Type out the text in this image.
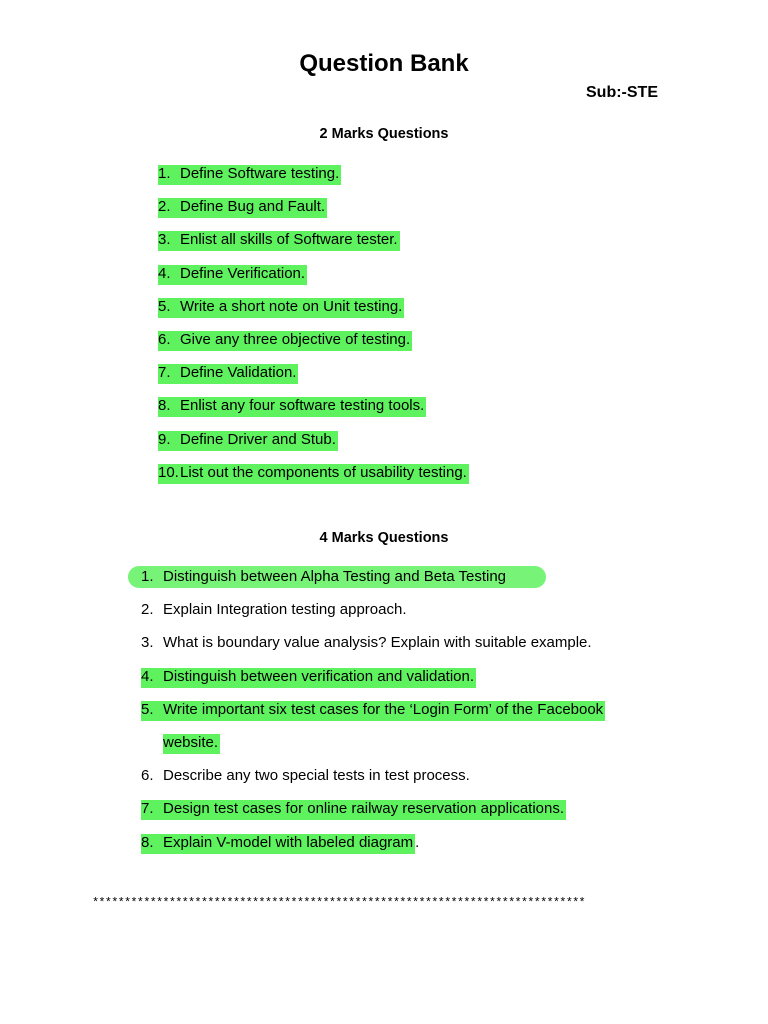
Question Bank
Sub:-STE
2 Marks Questions
1. Define Software testing.
2. Define Bug and Fault.
3. Enlist all skills of Software tester.
4. Define Verification.
5. Write a short note on Unit testing.
6. Give any three objective of testing.
7. Define Validation.
8. Enlist any four software testing tools.
9. Define Driver and Stub.
10.List out the components of usability testing.
4 Marks Questions
1. Distinguish between Alpha Testing and Beta Testing
2. Explain Integration testing approach.
3. What is boundary value analysis? Explain with suitable example.
4. Distinguish between verification and validation.
5. Write important six test cases for the ‘Login Form’ of the Facebook
website.
6. Describe any two special tests in test process.
7. Design test cases for online railway reservation applications.
8. Explain V-model with labeled diagram .
*****************************************************************************
